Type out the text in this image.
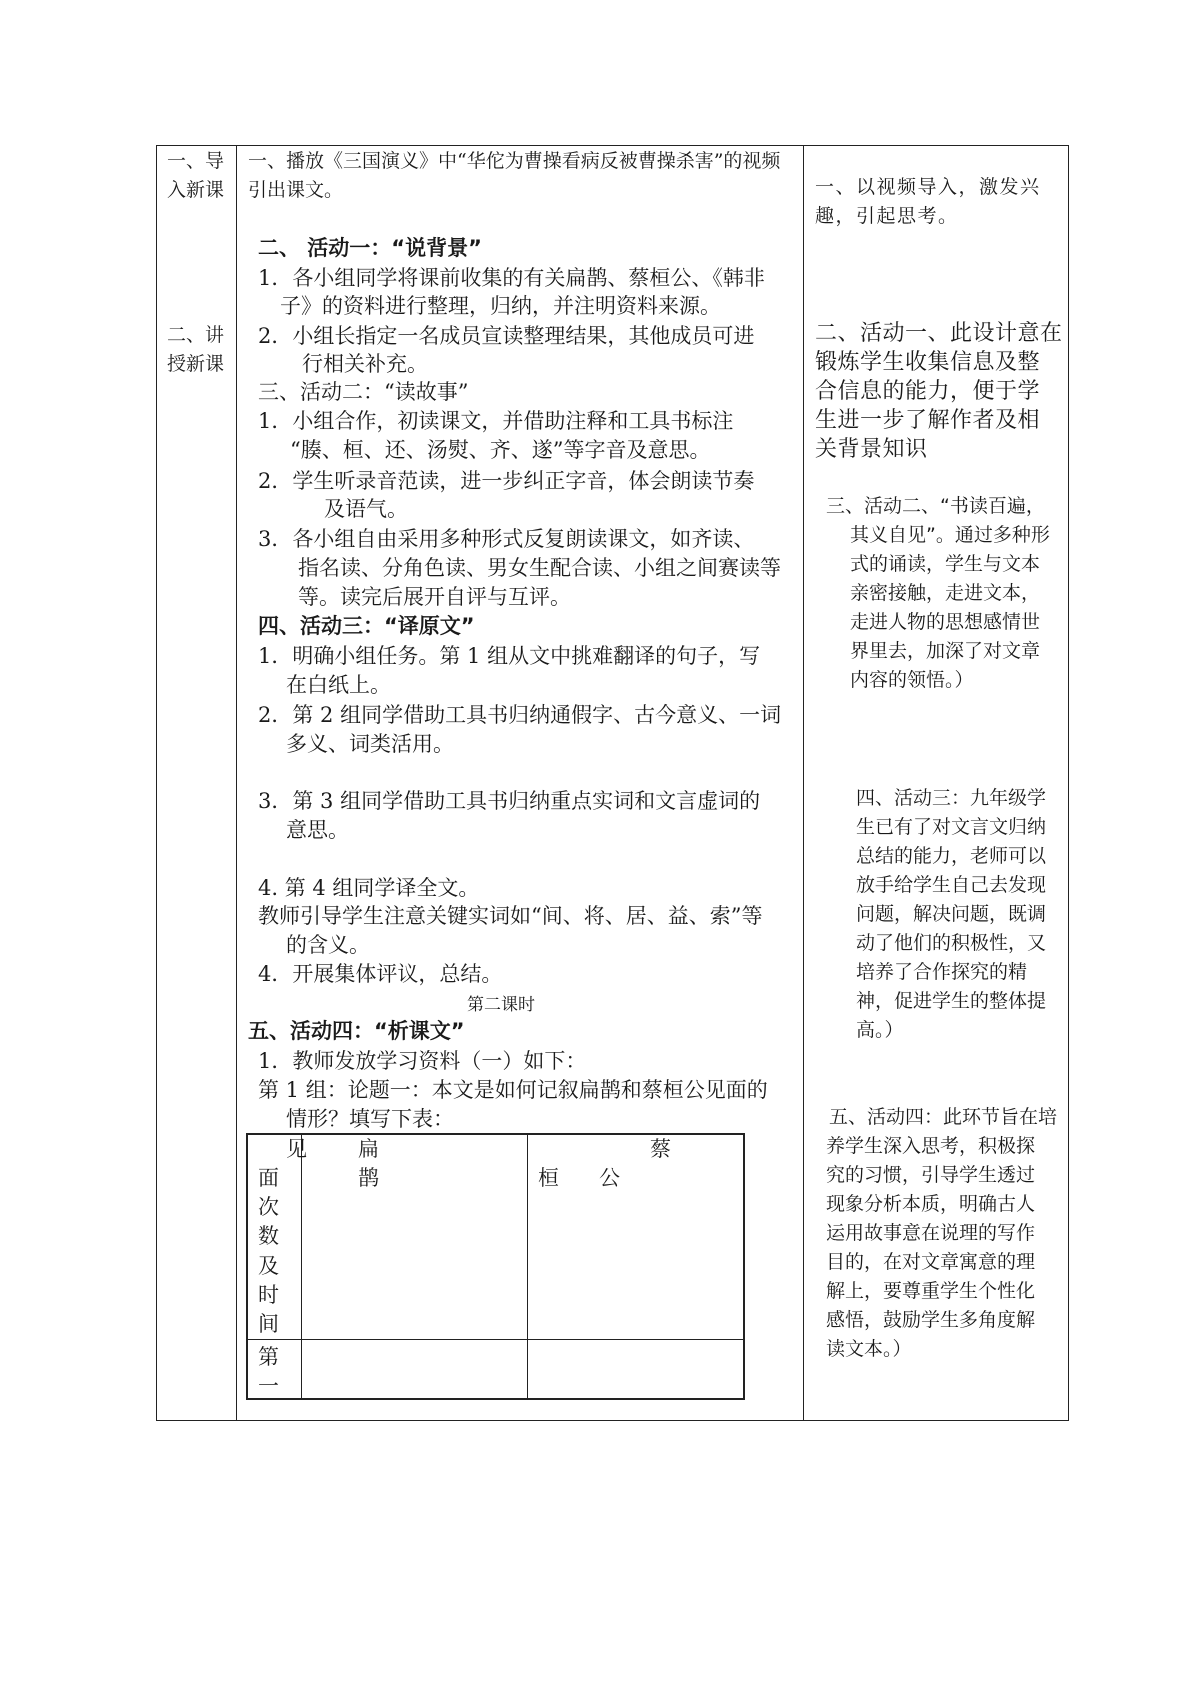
一、导
入新课
二、讲
授新课
一、播放《三国演义》中“华佗为曹操看病反被曹操杀害”的视频
引出课文。
二、 活动一：“说背景”
1．各小组同学将课前收集的有关扁鹊、蔡桓公、《韩非
子》的资料进行整理，归纳，并注明资料来源。
2．小组长指定一名成员宣读整理结果，其他成员可进
行相关补充。
三、活动二：“读故事”
1．小组合作，初读课文，并借助注释和工具书标注
“腠、桓、还、汤熨、齐、遂”等字音及意思。
2．学生听录音范读，进一步纠正字音，体会朗读节奏
及语气。
3．各小组自由采用多种形式反复朗读课文，如齐读、
指名读、分角色读、男女生配合读、小组之间赛读等
等。读完后展开自评与互评。
四、活动三：“译原文”
1．明确小组任务。第 1 组从文中挑难翻译的句子，写
在白纸上。
2．第 2 组同学借助工具书归纳通假字、古今意义、一词
多义、词类活用。
3．第 3 组同学借助工具书归纳重点实词和文言虚词的
意思。
4. 第 4 组同学译全文。
教师引导学生注意关键实词如“间、将、居、益、索”等
的含义。
4．开展集体评议，总结。
第二课时
五、活动四：“析课文”
1．教师发放学习资料（一）如下：
第 1 组：论题一：本文是如何记叙扁鹊和蔡桓公见面的
情形？填写下表：
见
面
次
数
及
时
间
扁
鹊
蔡
桓      公
第
一
一、以视频导入，激发兴
趣，引起思考。
二、活动一、此设计意在
锻炼学生收集信息及整
合信息的能力，便于学
生进一步了解作者及相
关背景知识
三、活动二、“书读百遍，
其义自见”。通过多种形
式的诵读，学生与文本
亲密接触，走进文本，
走进人物的思想感情世
界里去，加深了对文章
内容的领悟。）
四、活动三：九年级学
生已有了对文言文归纳
总结的能力，老师可以
放手给学生自己去发现
问题，解决问题，既调
动了他们的积极性，又
培养了合作探究的精
神，促进学生的整体提
高。）
五、活动四：此环节旨在培
养学生深入思考，积极探
究的习惯，引导学生透过
现象分析本质，明确古人
运用故事意在说理的写作
目的，在对文章寓意的理
解上，要尊重学生个性化
感悟，鼓励学生多角度解
读文本。）
